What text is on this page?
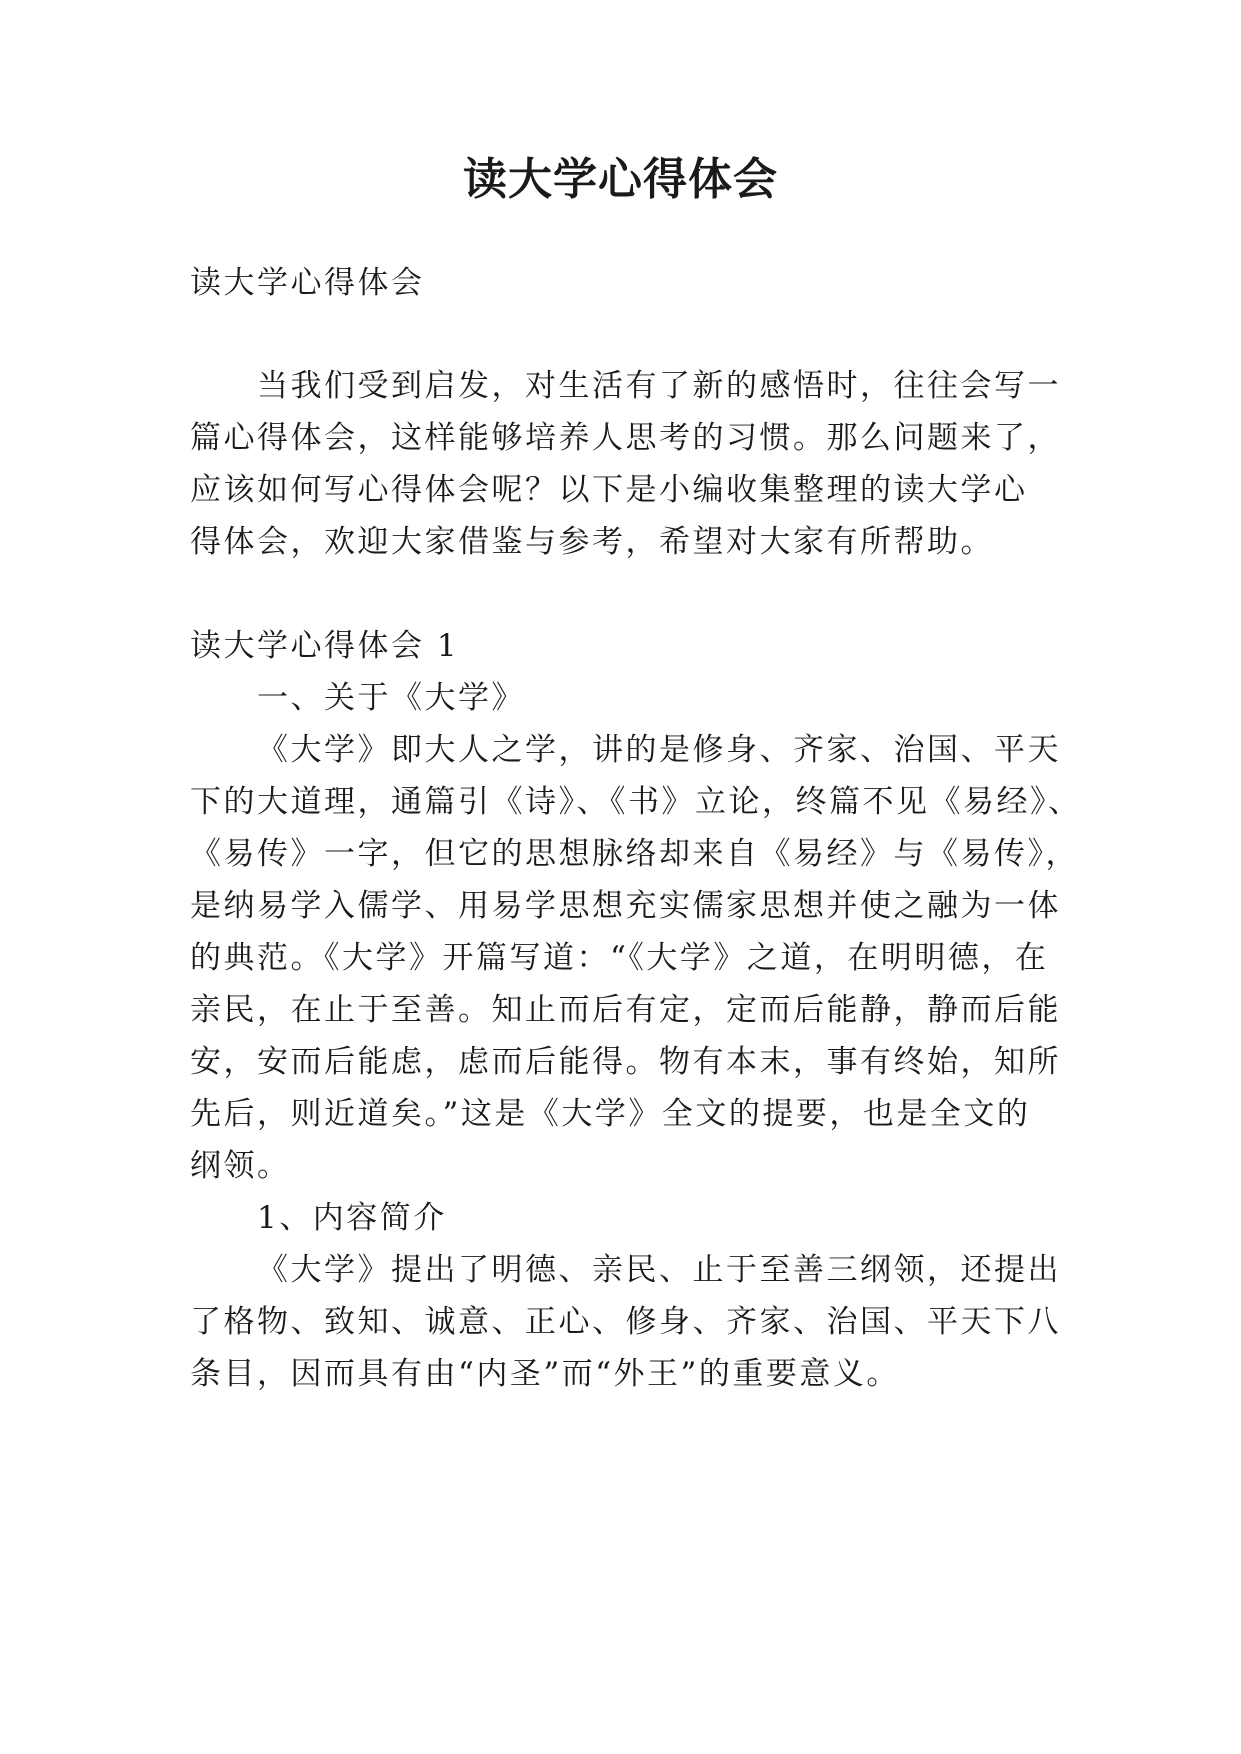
读大学心得体会
读大学心得体会
当我们受到启发，对生活有了新的感悟时，往往会写一
篇心得体会，这样能够培养人思考的习惯。那么问题来了，
应该如何写心得体会呢？以下是小编收集整理的读大学心
得体会，欢迎大家借鉴与参考，希望对大家有所帮助。
读大学心得体会 1
一、关于《大学》
《大学》即大人之学，讲的是修身、齐家、治国、平天
下的大道理，通篇引《诗》、《书》立论，终篇不见《易经》、
《易传》一字，但它的思想脉络却来自《易经》与《易传》，
是纳易学入儒学、用易学思想充实儒家思想并使之融为一体
的典范。《大学》开篇写道：“《大学》之道，在明明德，在
亲民，在止于至善。知止而后有定，定而后能静，静而后能
安，安而后能虑，虑而后能得。物有本末，事有终始，知所
先后，则近道矣。”这是《大学》全文的提要，也是全文的
纲领。
1、内容简介
《大学》提出了明德、亲民、止于至善三纲领，还提出
了格物、致知、诚意、正心、修身、齐家、治国、平天下八
条目，因而具有由“内圣”而“外王”的重要意义。
